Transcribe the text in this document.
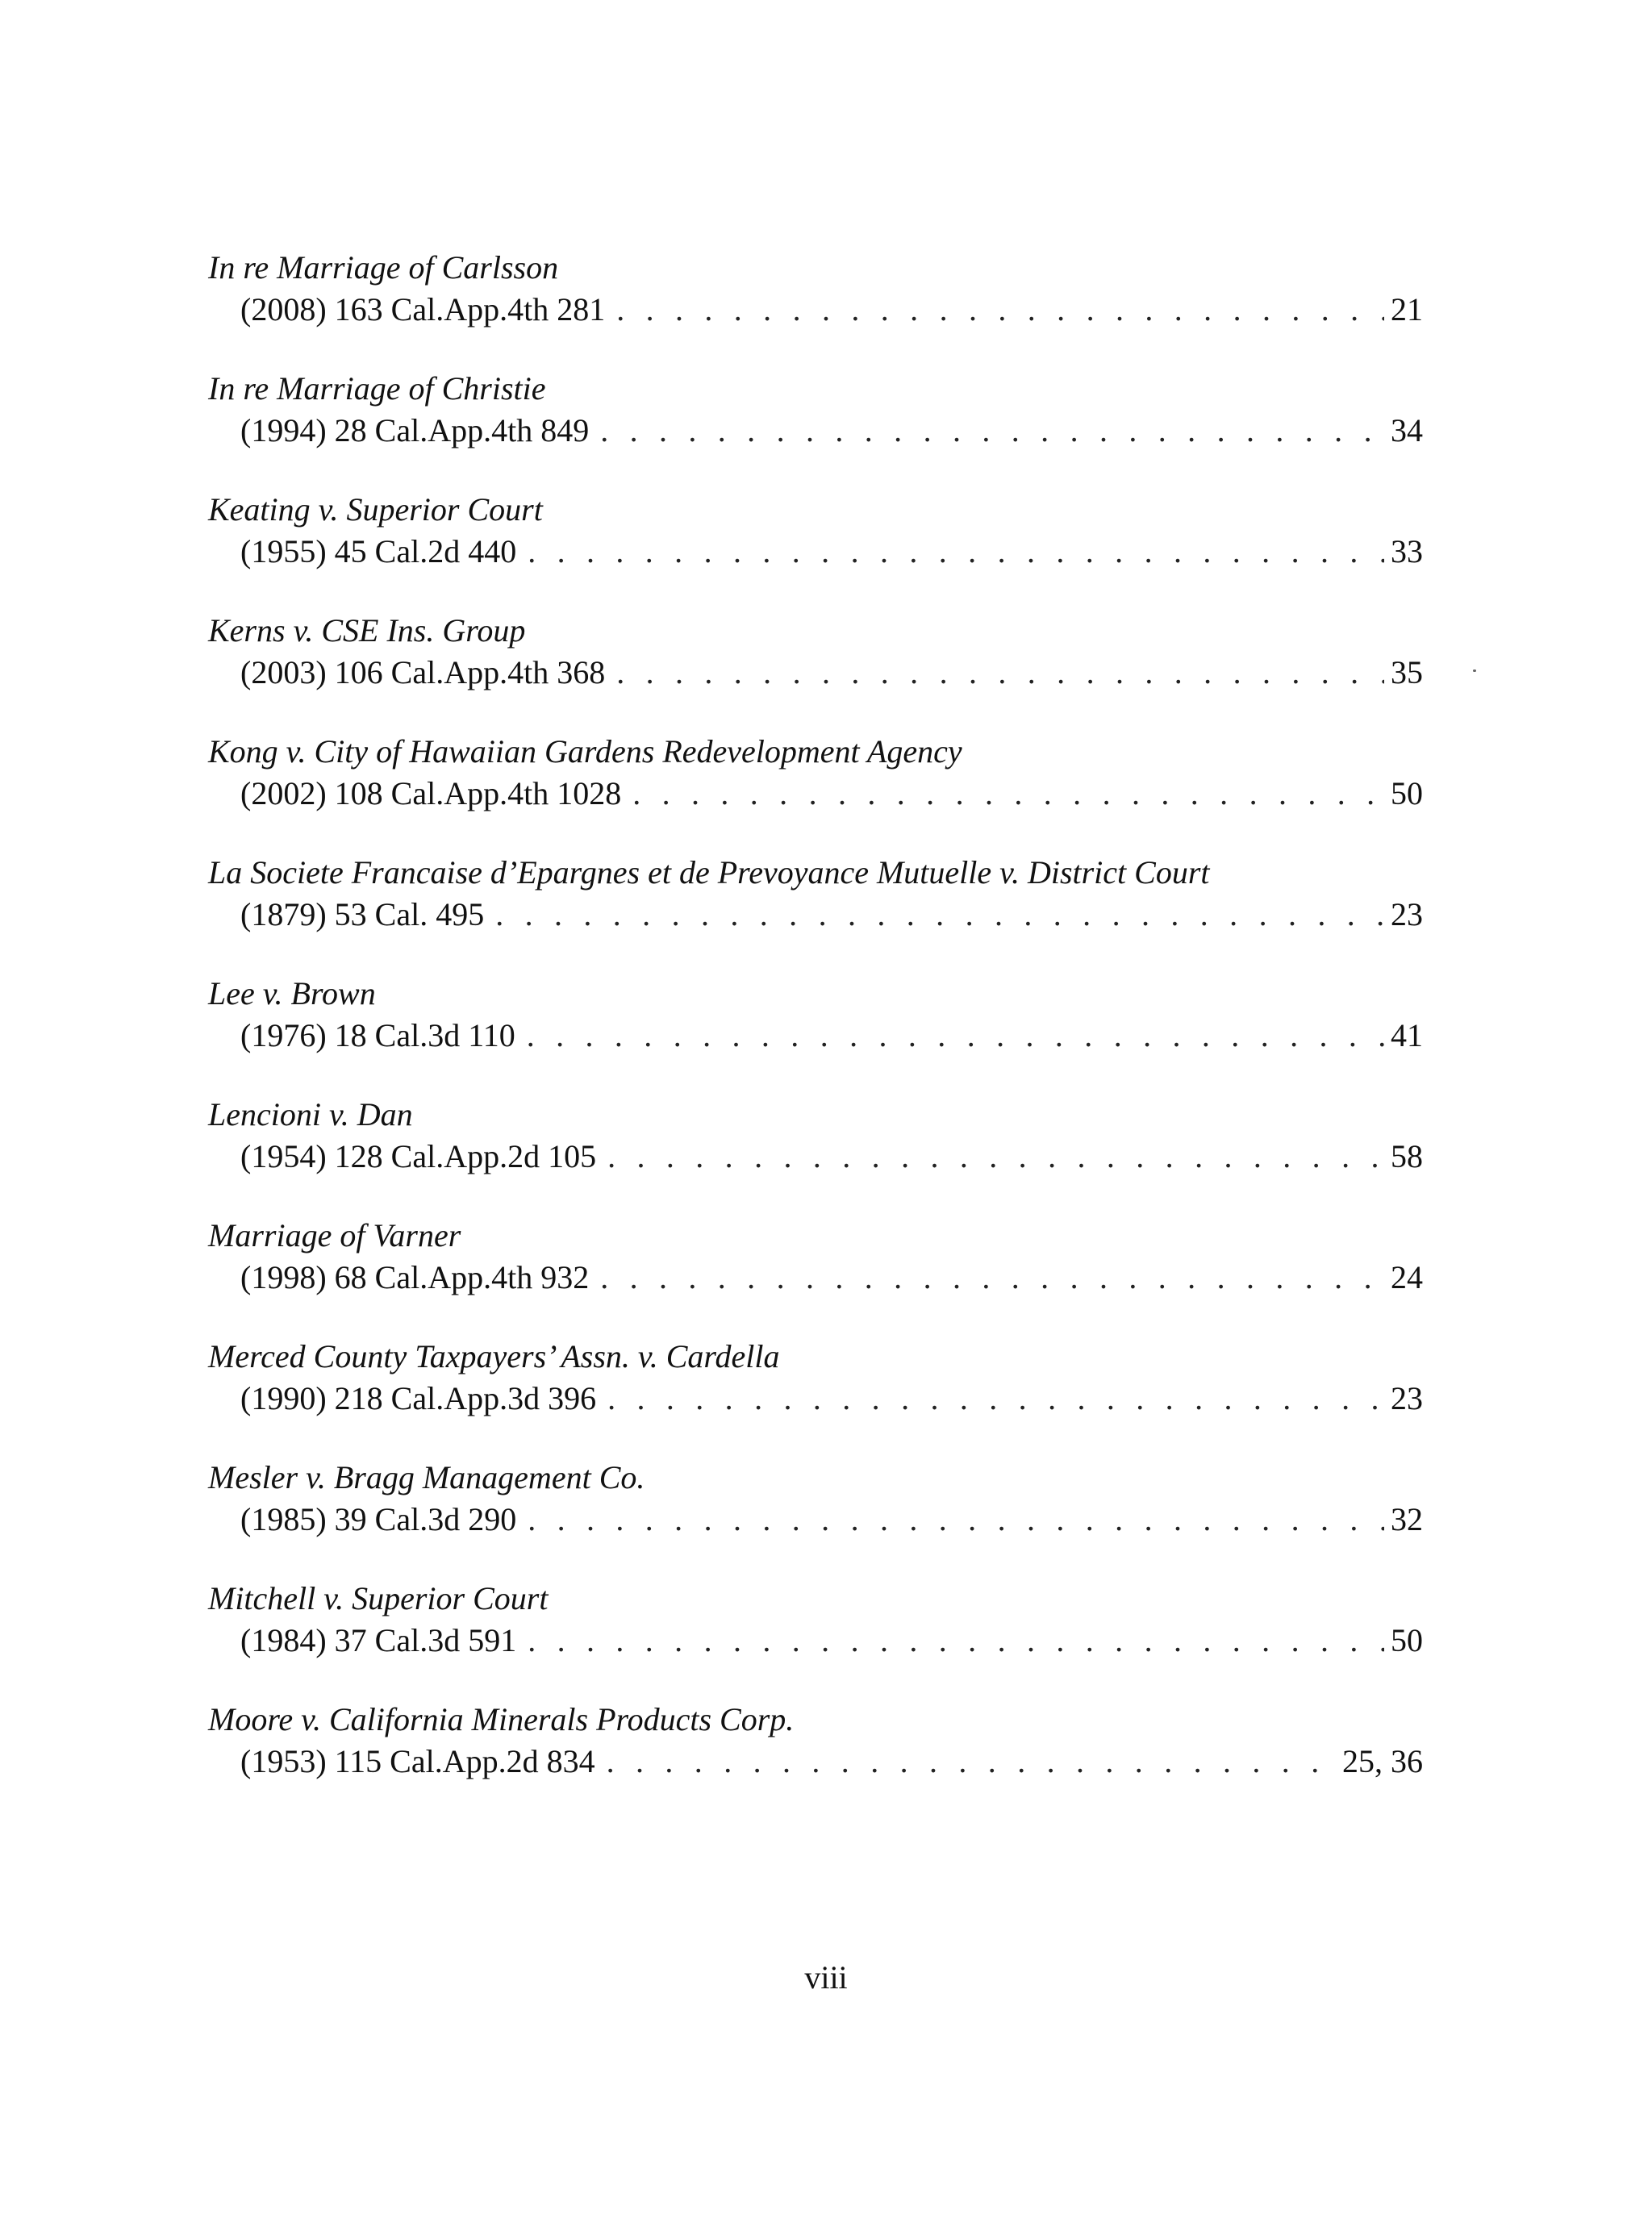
In re Marriage of Carlsson
(2008) 163 Cal.App.4th 281 . . .	21
In re Marriage of Christie
(1994) 28 Cal.App.4th 849 . . .	34
Keating v. Superior Court
(1955) 45 Cal.2d 440 . . .	33
Kerns v. CSE Ins. Group
(2003) 106 Cal.App.4th 368 . . .	35
Kong v. City of Hawaiian Gardens Redevelopment Agency
(2002) 108 Cal.App.4th 1028 . . .	50
La Societe Francaise d’Epargnes et de Prevoyance Mutuelle v. District Court
(1879) 53 Cal. 495 . . .	23
Lee v. Brown
(1976) 18 Cal.3d 110 . . .	41
Lencioni v. Dan
(1954) 128 Cal.App.2d 105 . . .	58
Marriage of Varner
(1998) 68 Cal.App.4th 932 . . .	24
Merced County Taxpayers’ Assn. v. Cardella
(1990) 218 Cal.App.3d 396 . . .	23
Mesler v. Bragg Management Co.
(1985) 39 Cal.3d 290 . . .	32
Mitchell v. Superior Court
(1984) 37 Cal.3d 591 . . .	50
Moore v. California Minerals Products Corp.
(1953) 115 Cal.App.2d 834 . . .	25, 36
viii
